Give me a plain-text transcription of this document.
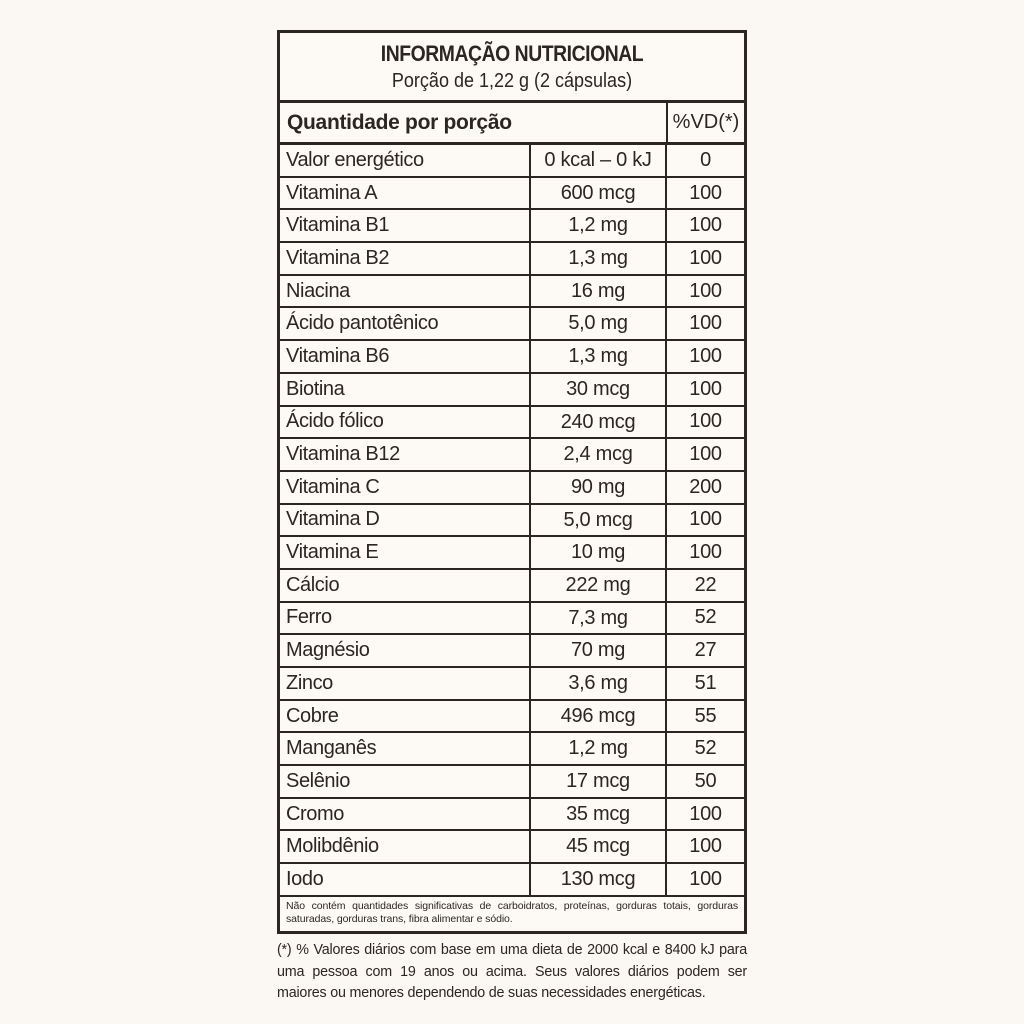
INFORMAÇÃO NUTRICIONAL
Porção de 1,22 g (2 cápsulas)
Quantidade por porção	%VD(*)
Valor energético	0 kcal – 0 kJ	0
Vitamina A	600 mcg	100
Vitamina B1	1,2 mg	100
Vitamina B2	1,3 mg	100
Niacina	16 mg	100
Ácido pantotênico	5,0 mg	100
Vitamina B6	1,3 mg	100
Biotina	30 mcg	100
Ácido fólico	240 mcg	100
Vitamina B12	2,4 mcg	100
Vitamina C	90 mg	200
Vitamina D	5,0 mcg	100
Vitamina E	10 mg	100
Cálcio	222 mg	22
Ferro	7,3 mg	52
Magnésio	70 mg	27
Zinco	3,6 mg	51
Cobre	496 mcg	55
Manganês	1,2 mg	52
Selênio	17 mcg	50
Cromo	35 mcg	100
Molibdênio	45 mcg	100
Iodo	130 mcg	100
Não contém quantidades significativas de carboidratos, proteínas, gorduras totais, gorduras saturadas, gorduras trans, fibra alimentar e sódio.
(*) % Valores diários com base em uma dieta de 2000 kcal e 8400 kJ para uma pessoa com 19 anos ou acima. Seus valores diários podem ser maiores ou menores dependendo de suas necessidades energéticas.
